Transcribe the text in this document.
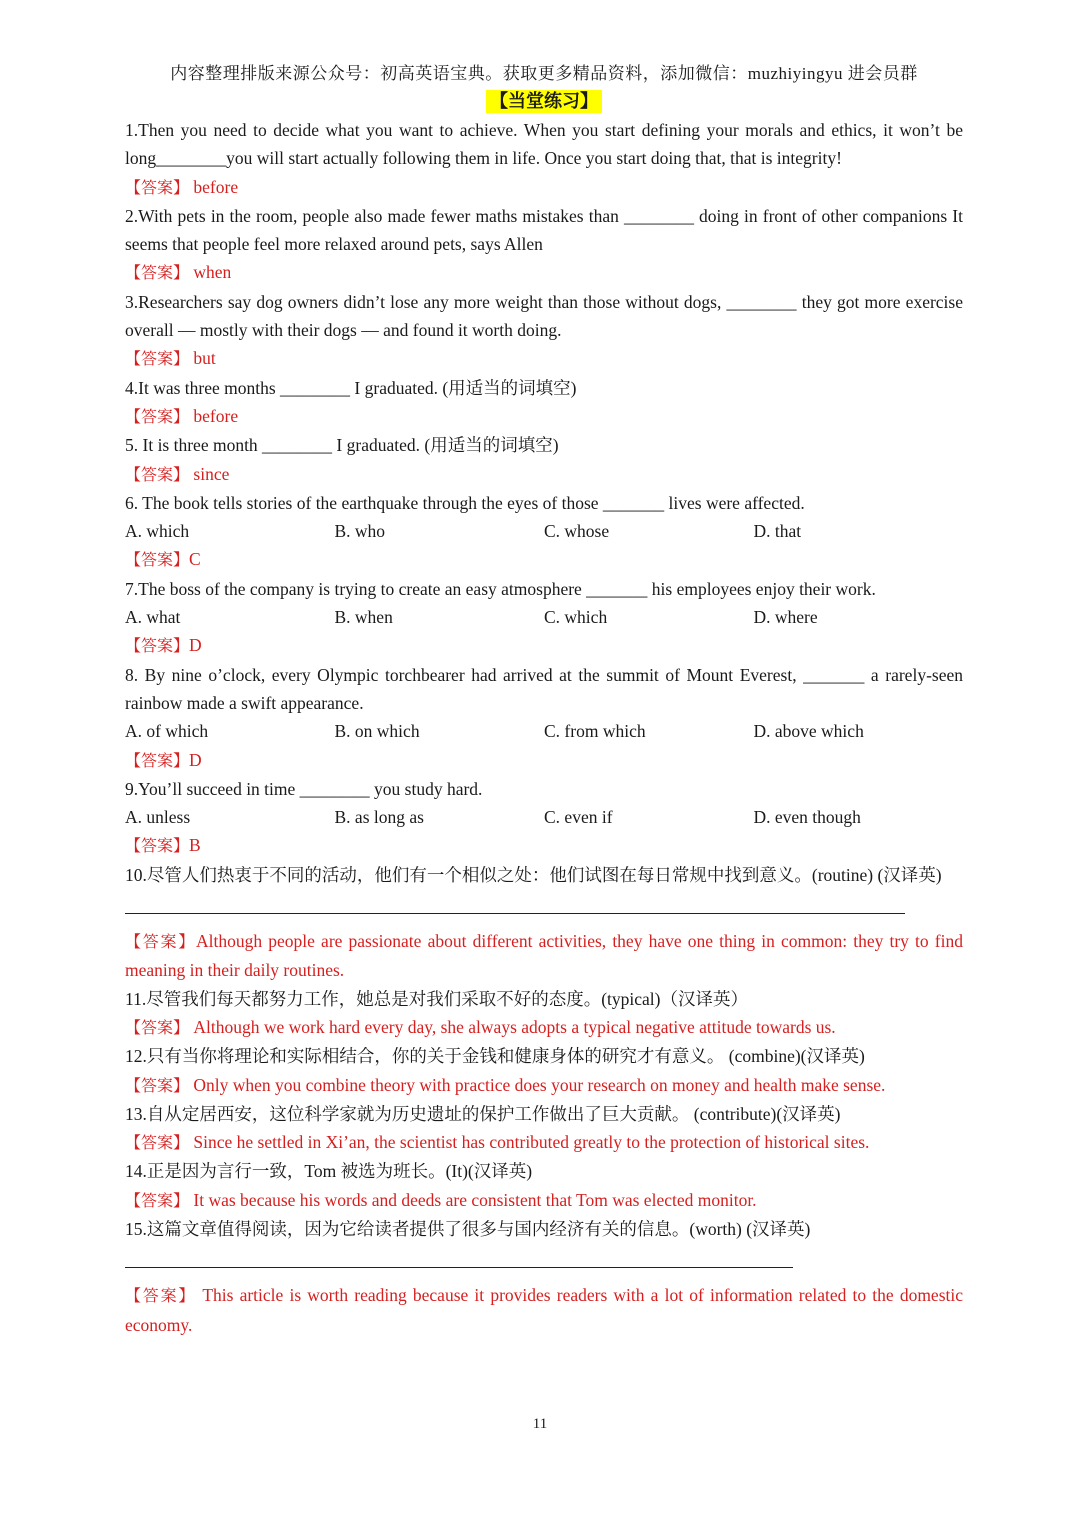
内容整理排版来源公众号：初高英语宝典。获取更多精品资料，添加微信：muzhiyingyu 进会员群
【当堂练习】
1.Then you need to decide what you want to achieve. When you start defining your morals and ethics, it won’t be long________you will start actually following them in life. Once you start doing that, that is integrity!
【答案】 before
2.With pets in the room, people also made fewer maths mistakes than ________ doing in front of other companions It seems that people feel more relaxed around pets, says Allen
【答案】 when
3.Researchers say dog owners didn’t lose any more weight than those without dogs, ________ they got more exercise overall — mostly with their dogs — and found it worth doing.
【答案】 but
4.It was three months ________ I graduated. (用适当的词填空)
【答案】 before
5. It is three month ________ I graduated. (用适当的词填空)
【答案】 since
6. The book tells stories of the earthquake through the eyes of those _______ lives were affected.
A. which	B. who	C. whose	D. that
【答案】C
7.The boss of the company is trying to create an easy atmosphere _______ his employees enjoy their work.
A. what	B. when	C. which	D. where
【答案】D
8. By nine o’clock, every Olympic torchbearer had arrived at the summit of Mount Everest, _______ a rarely-seen rainbow made a swift appearance.
A. of which	B. on which	C. from which	D. above which
【答案】D
9.You’ll succeed in time ________ you study hard.
A. unless	B. as long as	C. even if	D. even though
【答案】B
10.尽管人们热衷于不同的活动，他们有一个相似之处：他们试图在每日常规中找到意义。(routine) (汉译英)
【答案】Although people are passionate about different activities, they have one thing in common: they try to find meaning in their daily routines.
11.尽管我们每天都努力工作，她总是对我们采取不好的态度。(typical)（汉译英）
【答案】 Although we work hard every day, she always adopts a typical negative attitude towards us.
12.只有当你将理论和实际相结合，你的关于金钱和健康身体的研究才有意义。 (combine)(汉译英)
【答案】 Only when you combine theory with practice does your research on money and health make sense.
13.自从定居西安，这位科学家就为历史遗址的保护工作做出了巨大贡献。 (contribute)(汉译英)
【答案】 Since he settled in Xi’an, the scientist has contributed greatly to the protection of historical sites.
14.正是因为言行一致，Tom 被选为班长。(It)(汉译英)
【答案】 It was because his words and deeds are consistent that Tom was elected monitor.
15.这篇文章值得阅读，因为它给读者提供了很多与国内经济有关的信息。(worth) (汉译英)
【答案】 This article is worth reading because it provides readers with a lot of information related to the domestic economy.
11
